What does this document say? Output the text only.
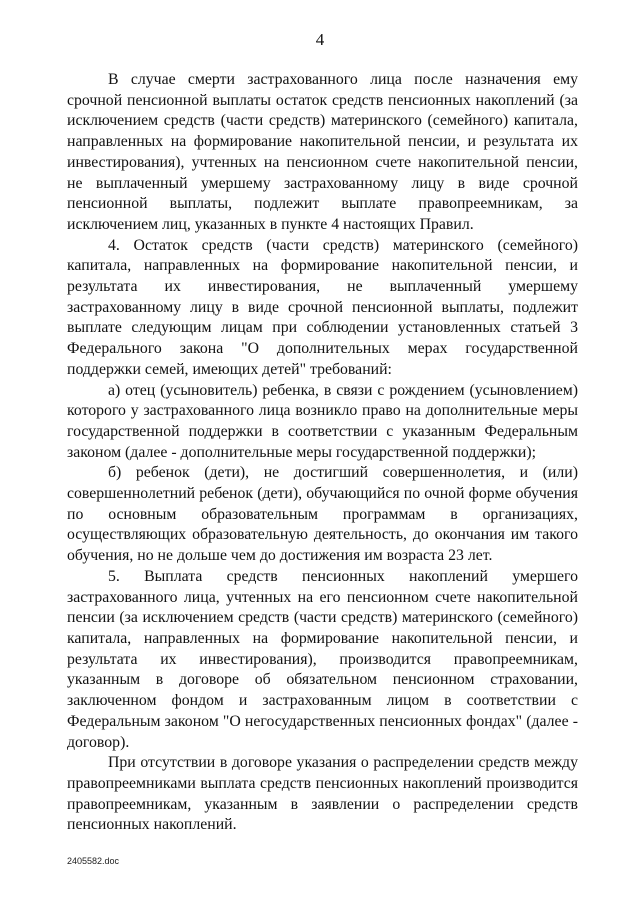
4

В случае смерти застрахованного лица после назначения ему срочной пенсионной выплаты остаток средств пенсионных накоплений (за исключением средств (части средств) материнского (семейного) капитала, направленных на формирование накопительной пенсии, и результата их инвестирования), учтенных на пенсионном счете накопительной пенсии, не выплаченный умершему застрахованному лицу в виде срочной пенсионной выплаты, подлежит выплате правопреемникам, за исключением лиц, указанных в пункте 4 настоящих Правил.

4. Остаток средств (части средств) материнского (семейного) капитала, направленных на формирование накопительной пенсии, и результата их инвестирования, не выплаченный умершему застрахованному лицу в виде срочной пенсионной выплаты, подлежит выплате следующим лицам при соблюдении установленных статьей 3 Федерального закона "О дополнительных мерах государственной поддержки семей, имеющих детей" требований:

а) отец (усыновитель) ребенка, в связи с рождением (усыновлением) которого у застрахованного лица возникло право на дополнительные меры государственной поддержки в соответствии с указанным Федеральным законом (далее - дополнительные меры государственной поддержки);

б) ребенок (дети), не достигший совершеннолетия, и (или) совершеннолетний ребенок (дети), обучающийся по очной форме обучения по основным образовательным программам в организациях, осуществляющих образовательную деятельность, до окончания им такого обучения, но не дольше чем до достижения им возраста 23 лет.

5. Выплата средств пенсионных накоплений умершего застрахованного лица, учтенных на его пенсионном счете накопительной пенсии (за исключением средств (части средств) материнского (семейного) капитала, направленных на формирование накопительной пенсии, и результата их инвестирования), производится правопреемникам, указанным в договоре об обязательном пенсионном страховании, заключенном фондом и застрахованным лицом в соответствии с Федеральным законом "О негосударственных пенсионных фондах" (далее - договор).

При отсутствии в договоре указания о распределении средств между правопреемниками выплата средств пенсионных накоплений производится правопреемникам, указанным в заявлении о распределении средств пенсионных накоплений.

2405582.doc
